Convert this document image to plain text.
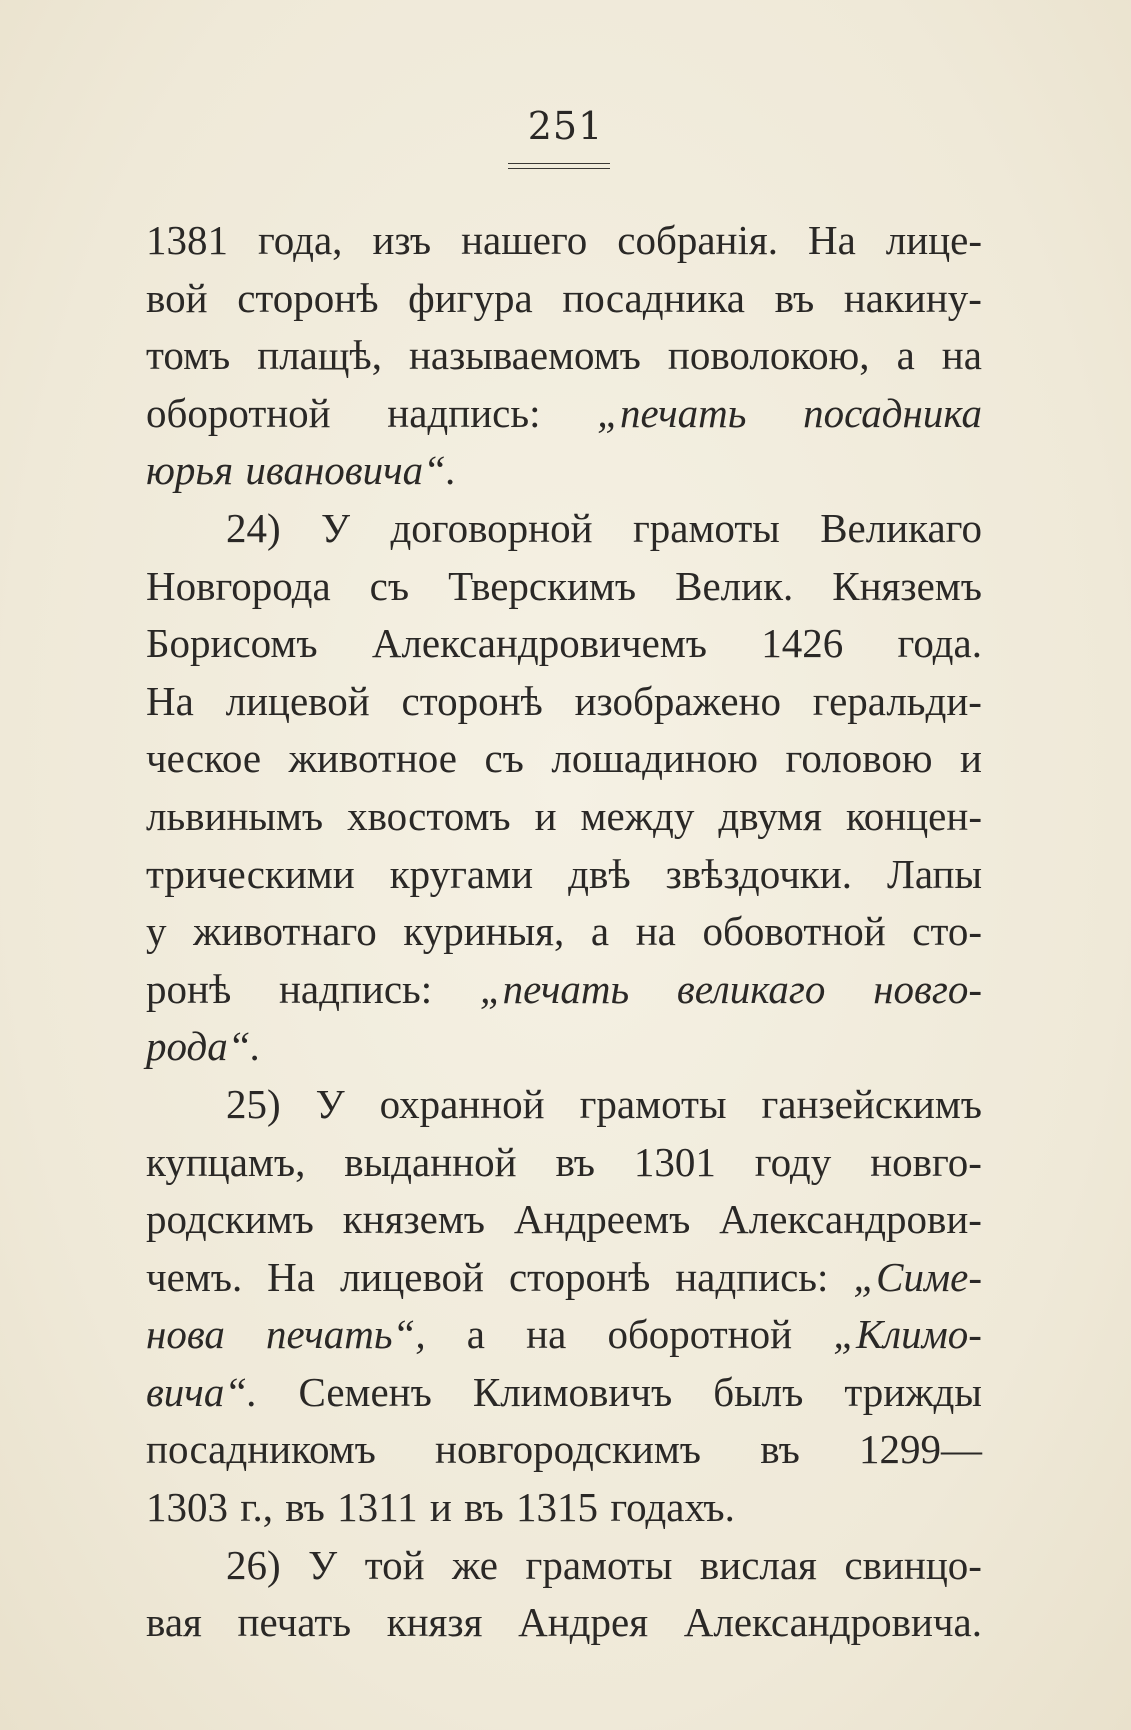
251
1381 года, изъ нашего собранія. На лице-
вой сторонѣ фигура посадника въ накину-
томъ плащѣ, называемомъ поволокою, а на
оборотной надпись: „печать посадника
юрья ивановича“.
24) У договорной грамоты Великаго
Новгорода съ Тверскимъ Велик. Княземъ
Борисомъ Александровичемъ 1426 года.
На лицевой сторонѣ изображено геральди-
ческое животное съ лошадиною головою и
львинымъ хвостомъ и между двумя концен-
трическими кругами двѣ звѣздочки. Лапы
у животнаго куриныя, а на обовотной сто-
ронѣ надпись: „печать великаго новго-
рода“.
25) У охранной грамоты ганзейскимъ
купцамъ, выданной въ 1301 году новго-
родскимъ княземъ Андреемъ Александрови-
чемъ. На лицевой сторонѣ надпись: „Симе-
нова печать“, а на оборотной „Климо-
вича“. Семенъ Климовичъ былъ трижды
посадникомъ новгородскимъ въ 1299—
1303 г., въ 1311 и въ 1315 годахъ.
26) У той же грамоты вислая свинцо-
вая печать князя Андрея Александровича.
